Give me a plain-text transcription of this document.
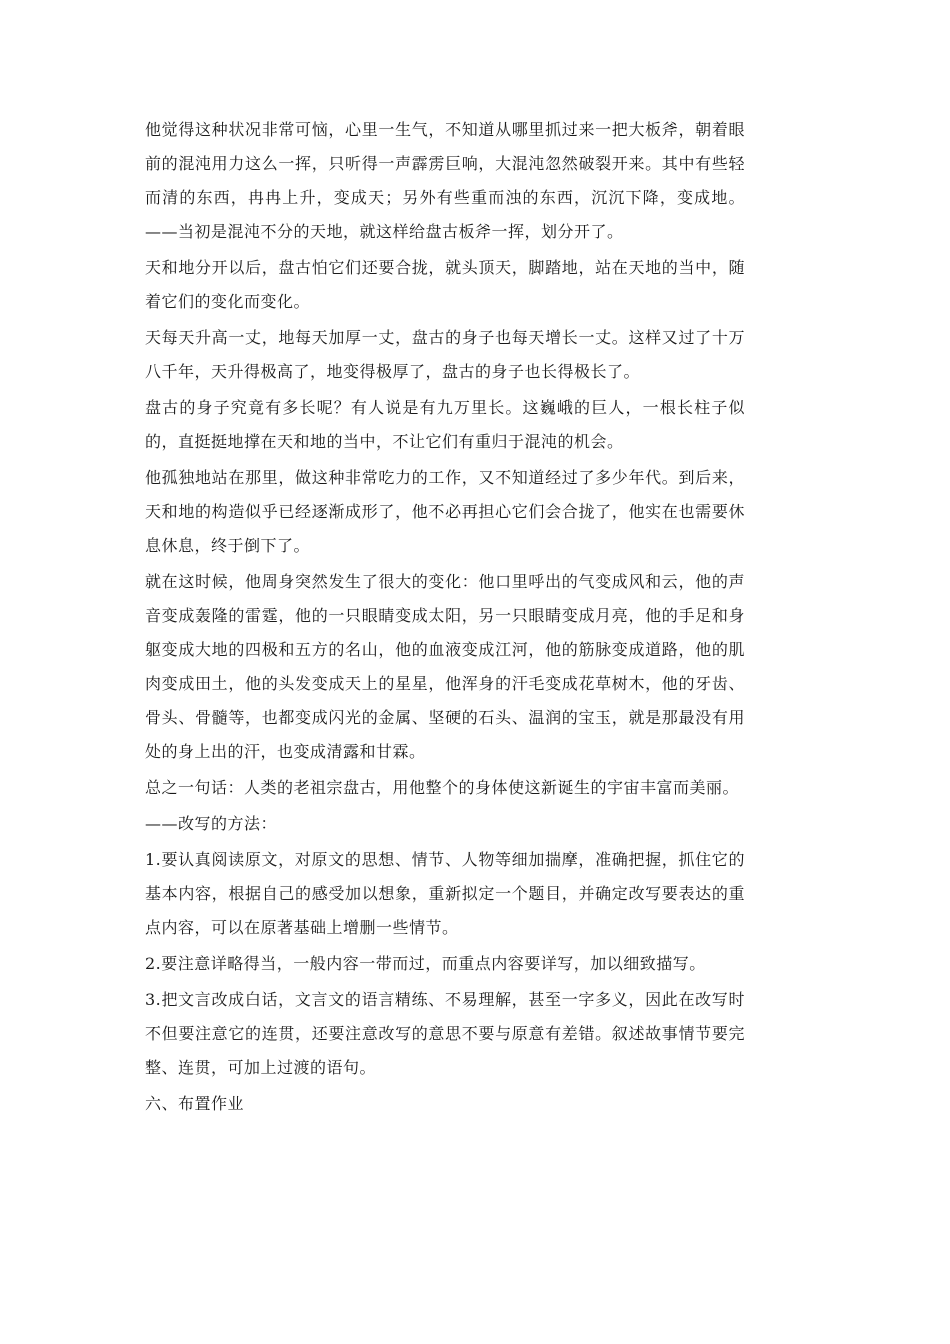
他觉得这种状况非常可恼，心里一生气，不知道从哪里抓过来一把大板斧，朝着眼前的混沌用力这么一挥，只听得一声霹雳巨响，大混沌忽然破裂开来。其中有些轻而清的东西，冉冉上升，变成天；另外有些重而浊的东西，沉沉下降，变成地。——当初是混沌不分的天地，就这样给盘古板斧一挥，划分开了。

天和地分开以后，盘古怕它们还要合拢，就头顶天，脚踏地，站在天地的当中，随着它们的变化而变化。

天每天升高一丈，地每天加厚一丈，盘古的身子也每天增长一丈。这样又过了十万八千年，天升得极高了，地变得极厚了，盘古的身子也长得极长了。

盘古的身子究竟有多长呢？有人说是有九万里长。这巍峨的巨人，一根长柱子似的，直挺挺地撑在天和地的当中，不让它们有重归于混沌的机会。

他孤独地站在那里，做这种非常吃力的工作，又不知道经过了多少年代。到后来，天和地的构造似乎已经逐渐成形了，他不必再担心它们会合拢了，他实在也需要休息休息，终于倒下了。

就在这时候，他周身突然发生了很大的变化：他口里呼出的气变成风和云，他的声音变成轰隆的雷霆，他的一只眼睛变成太阳，另一只眼睛变成月亮，他的手足和身躯变成大地的四极和五方的名山，他的血液变成江河，他的筋脉变成道路，他的肌肉变成田土，他的头发变成天上的星星，他浑身的汗毛变成花草树木，他的牙齿、骨头、骨髓等，也都变成闪光的金属、坚硬的石头、温润的宝玉，就是那最没有用处的身上出的汗，也变成清露和甘霖。

总之一句话：人类的老祖宗盘古，用他整个的身体使这新诞生的宇宙丰富而美丽。

——改写的方法：

1.要认真阅读原文，对原文的思想、情节、人物等细加揣摩，准确把握，抓住它的基本内容，根据自己的感受加以想象，重新拟定一个题目，并确定改写要表达的重点内容，可以在原著基础上增删一些情节。

2.要注意详略得当，一般内容一带而过，而重点内容要详写，加以细致描写。

3.把文言改成白话，文言文的语言精练、不易理解，甚至一字多义，因此在改写时不但要注意它的连贯，还要注意改写的意思不要与原意有差错。叙述故事情节要完整、连贯，可加上过渡的语句。

六、布置作业
